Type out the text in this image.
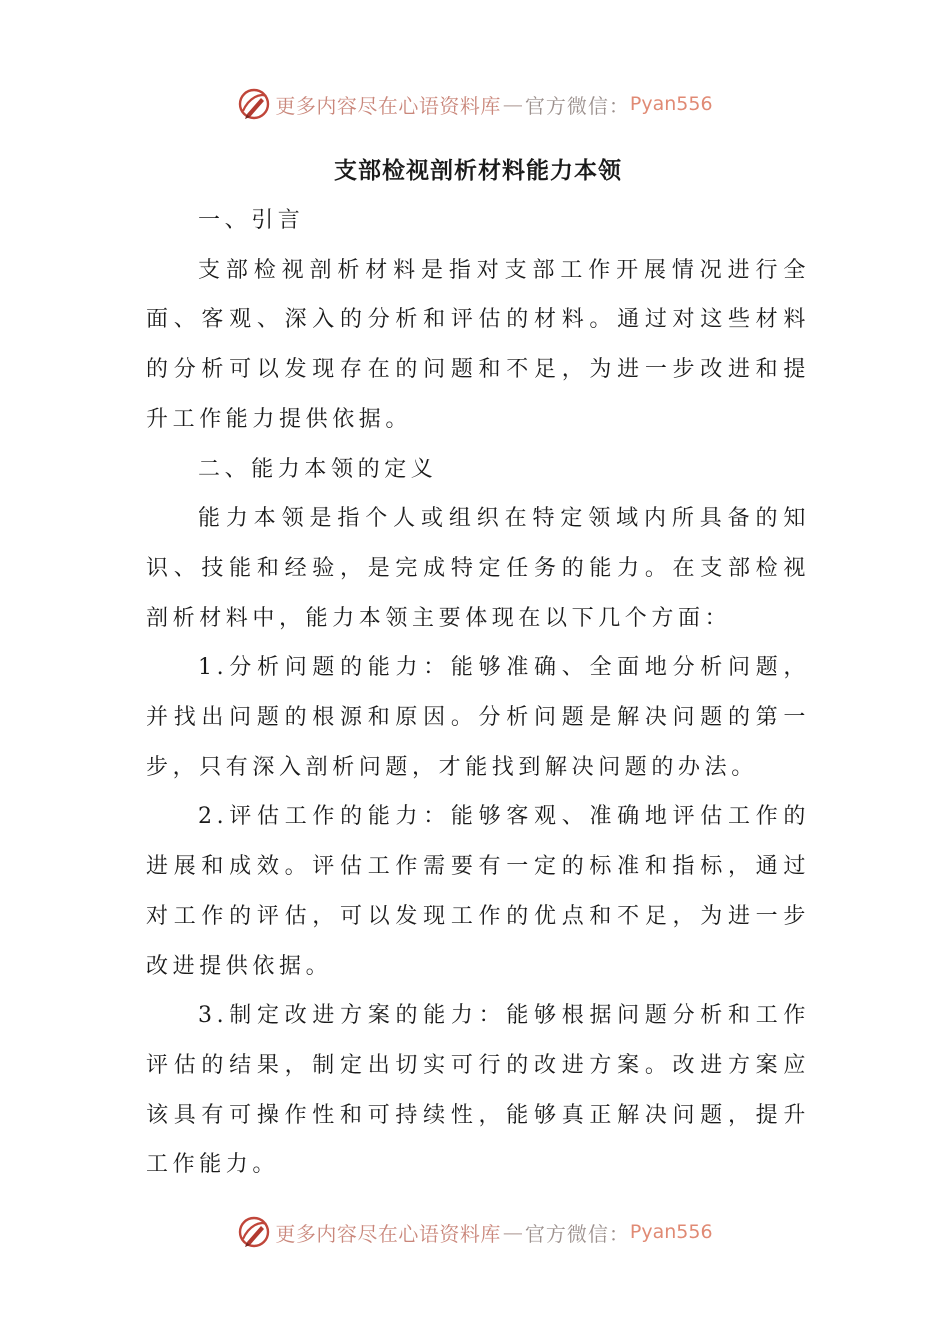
更多内容尽在心语资料库 — 官方微信： Pyan556
支部检视剖析材料能力本领

一、引言

支部检视剖析材料是指对支部工作开展情况进行全面、客观、深入的分析和评估的材料。通过对这些材料的分析可以发现存在的问题和不足，为进一步改进和提升工作能力提供依据。

二、能力本领的定义

能力本领是指个人或组织在特定领域内所具备的知识、技能和经验，是完成特定任务的能力。在支部检视剖析材料中，能力本领主要体现在以下几个方面：

1.分析问题的能力：能够准确、全面地分析问题，并找出问题的根源和原因。分析问题是解决问题的第一步，只有深入剖析问题，才能找到解决问题的办法。

2.评估工作的能力：能够客观、准确地评估工作的进展和成效。评估工作需要有一定的标准和指标，通过对工作的评估，可以发现工作的优点和不足，为进一步改进提供依据。

3.制定改进方案的能力：能够根据问题分析和工作评估的结果，制定出切实可行的改进方案。改进方案应该具有可操作性和可持续性，能够真正解决问题，提升工作能力。

更多内容尽在心语资料库 — 官方微信： Pyan556
